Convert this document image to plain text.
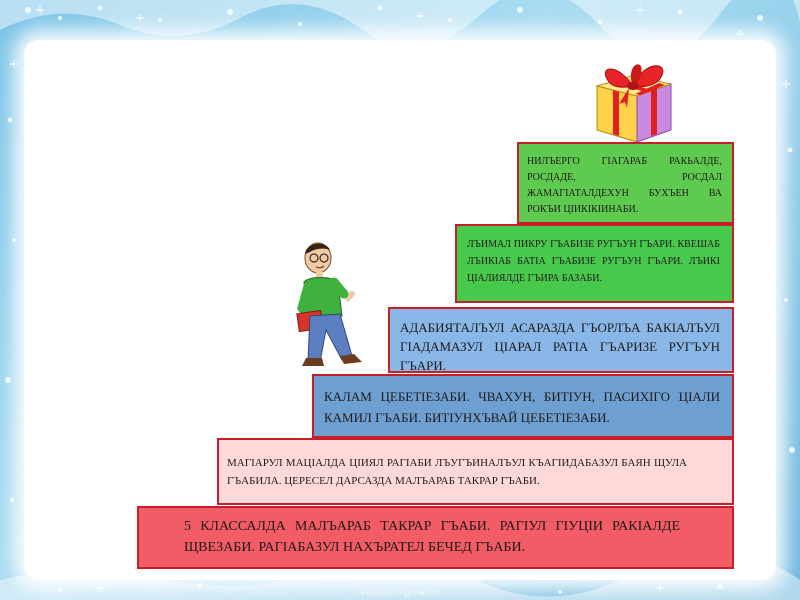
5 КЛАССАЛДА МАЛЪАРАБ ТАКРАР ГЪАБИ. РАГIУЛ ГIУЦIИ РАКIАЛДЕ ЩВЕЗАБИ. РАГIАБАЗУЛ НАХЪРАТЕЛ БЕЧЕД ГЪАБИ.
МАГIАРУЛ МАЦIАЛДА ЦIИЯЛ РАГIАБИ ЛЪУГЪИНАЛЪУЛ КЪАГIИДАБАЗУЛ БАЯН ЩУЛА ГЪАБИЛА. ЦЕРЕСЕЛ ДАРСАЗДА МАЛЪАРАБ ТАКРАР ГЪАБИ.
КАЛАМ ЦЕБЕТIЕЗАБИ. ЧВАХУН, БИТIУН, ПАСИХIГО ЦIАЛИ КАМИЛ ГЪАБИ. БИТIУНХЪВАЙ ЦЕБЕТIЕЗАБИ.
АДАБИЯТАЛЪУЛ АСАРАЗДА ГЪОРЛЪА БАКIАЛЪУЛ ГIАДАМАЗУЛ ЦIАРАЛ РАТIА ГЪАРИЗЕ РУГЪУН ГЪАРИ.
ЛЪИМАЛ ПИКРУ ГЪАБИЗЕ РУГЪУН ГЪАРИ. КВЕШАБ ЛЪИКIАБ БАТIА ГЪАБИЗЕ РУГЪУН ГЪАРИ. ЛЪИКI ЦIАЛИЯЛДЕ ГЪИРА БАЗАБИ.
НИЛЪЕРГО ГIАГАРАБ РАКЬАЛДЕ, РОСДАДЕ, РОСДАЛ ЖАМАГIАТАЛДЕХУН БУХЪЕН ВА РОКЪИ ЦIИКIКIИНАБИ.
Folita.do.7@mail.ru
